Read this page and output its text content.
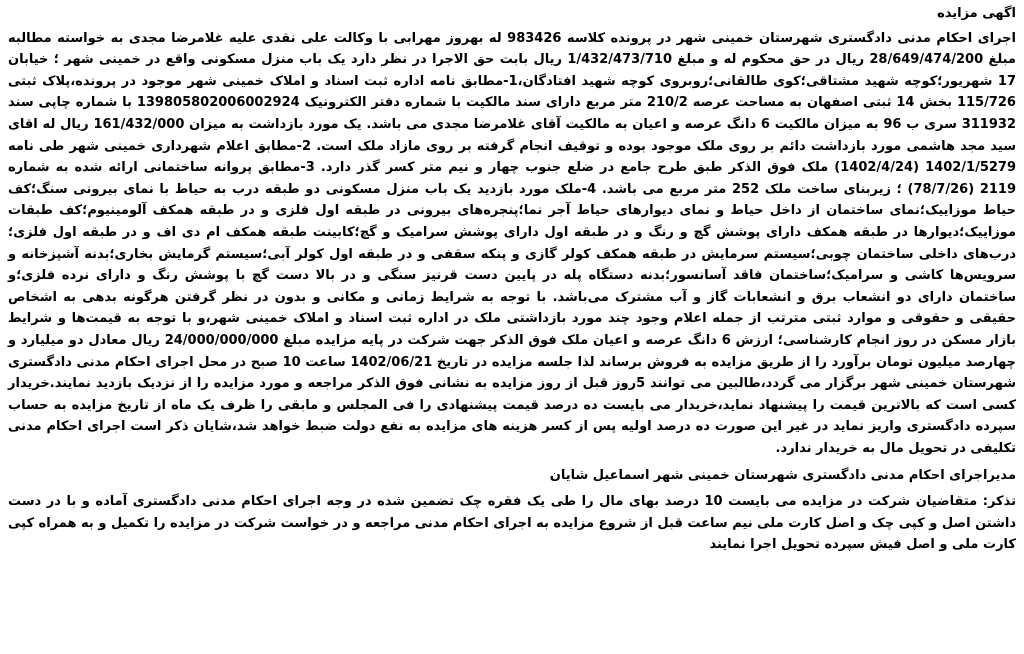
اگهی مزایده

اجرای احکام مدنی دادگستری شهرستان خمینی شهر در پرونده کلاسه 983426 له بهروز مهرابی با وکالت علی نقدی علیه غلامرضا مجدی به خواسته مطالبه مبلغ 28/649/474/200 ریال در حق محکوم له و مبلغ 1/432/473/710 ریال بابت حق الاجرا در نظر دارد یک باب منزل مسکونی واقع در خمینی شهر ؛ خیابان 17 شهریور؛کوچه شهید مشتاقی؛کوی طالقانی؛روبروی کوچه شهید افتادگان،1-مطابق نامه اداره ثبت اسناد و املاک خمینی شهر موجود در پرونده،پلاک ثبتی 115/726 بخش 14 ثبتی اصفهان به مساحت عرصه 210/2 متر مربع دارای سند مالکیت با شماره دفتر الکترونیک 139805802006002924 با شماره چاپی سند 311932 سری ب 96 به میزان مالکیت 6 دانگ عرصه و اعیان به مالکیت آقای غلامرضا مجدی می باشد. یک مورد بازداشت به میزان 161/432/000 ریال له اقای سید مجد هاشمی مورد بازداشت دائم بر روی ملک موجود بوده و توقیف انجام گرفته بر روی مازاد ملک است. 2-مطابق اعلام شهرداری خمینی شهر طی نامه 1402/1/5279 (1402/4/24) ملک فوق الذکر طبق طرح جامع در ضلع جنوب چهار و نیم متر کسر گذر دارد. 3-مطابق پروانه ساختمانی ارائه شده به شماره 2119 (78/7/26) ؛ زیربنای ساخت ملک 252 متر مربع می باشد. 4-ملک مورد بازدید یک باب منزل مسکونی دو طبقه درب به حیاط با نمای بیرونی سنگ؛کف حیاط موزاییک؛نمای ساختمان از داخل حیاط و نمای دیوارهای حیاط آجر نما؛پنجره‌های بیرونی در طبقه اول فلزی و در طبقه همکف آلومینیوم؛کف طبقات موزاییک؛دیوارها در طبقه همکف دارای پوشش گچ و رنگ و در طبقه اول دارای پوشش سرامیک و گچ؛کابینت طبقه همکف ام دی اف و در طبقه اول فلزی؛درب‌های داخلی ساختمان چوبی؛سیستم سرمایش در طبقه همکف کولر گازی و پنکه سقفی و در طبقه اول کولر آبی؛سیستم گرمایش بخاری؛بدنه آشپزخانه و سرویس‌ها کاشی و سرامیک؛ساختمان فاقد آسانسور؛بدنه دستگاه پله در پایین دست قرنیز سنگی و در بالا دست گچ با پوشش رنگ و دارای نرده فلزی؛و ساختمان دارای دو انشعاب برق و انشعابات گاز و آب مشترک می‌باشد. با توجه به شرایط زمانی و مکانی و بدون در نظر گرفتن هرگونه بدهی به اشخاص حقیقی و حقوقی و موارد ثبتی مترتب از جمله اعلام وجود چند مورد بازداشتی ملک در اداره ثبت اسناد و املاک خمینی شهر،و با توجه به قیمت‌ها و شرایط بازار مسکن در روز انجام کارشناسی؛ ارزش 6 دانگ عرصه و اعیان ملک فوق الذکر جهت شرکت در پایه مزایده مبلغ 24/000/000/000 ریال معادل دو میلیارد و چهارصد میلیون تومان برآورد را از طریق مزایده به فروش برساند لذا جلسه مزایده در تاریخ 1402/06/21 ساعت 10 صبح در محل اجرای احکام مدنی دادگستری شهرستان خمینی شهر برگزار می گردد،طالبین می توانند 5روز قبل از روز مزایده به نشانی فوق الذکر مراجعه و مورد مزایده را از نزدیک بازدید نمایند.خریدار کسی است که بالاترین قیمت را پیشنهاد نماید،خریدار می بایست ده درصد قیمت پیشنهادی را فی المجلس و مابقی را ظرف یک ماه از تاریخ مزایده به حساب سپرده دادگستری واریز نماید در غیر این صورت ده درصد اولیه پس از کسر هزینه های مزایده به نفع دولت ضبط خواهد شد،شایان ذکر است اجرای احکام مدنی تکلیفی در تحویل مال به خریدار ندارد.

مدیراجرای احکام مدنی دادگستری شهرستان خمینی شهر اسماعیل شایان

تذکر: متقاضیان شرکت در مزایده می بایست 10 درصد بهای مال را طی یک فقره چک تضمین شده در وجه اجرای احکام مدنی دادگستری آماده و با در دست داشتن اصل و کپی چک و اصل کارت ملی نیم ساعت قبل از شروع مزایده به اجرای احکام مدنی مراجعه و در خواست شرکت در مزایده را تکمیل و به همراه کپی کارت ملی و اصل فیش سپرده تحویل اجرا نمایند
